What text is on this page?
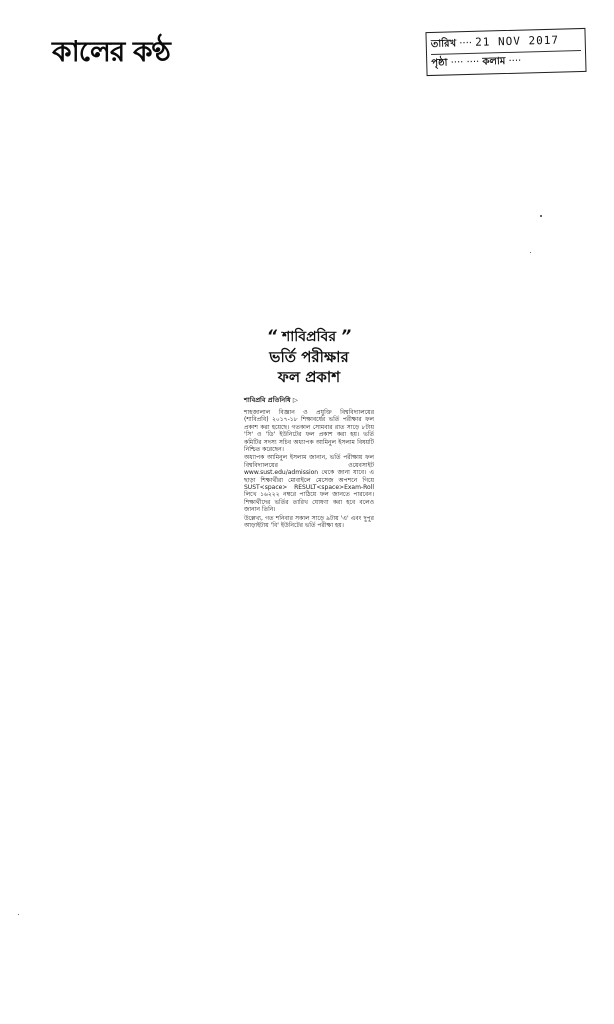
কালের কণ্ঠ	তারিখ ···· 21 NOV 2017
পৃষ্ঠা ···· ···· কলাম ····
“ শাবিপ্রবির ”
ভর্তি পরীক্ষার
ফল প্রকাশ
শাবিপ্রবি প্রতিনিধি ▷

শাহজালাল বিজ্ঞান ও প্রযুক্তি বিশ্ববিদ্যালয়ের (শাবিপ্রবি) ২০১৭-১৮ শিক্ষাবর্ষের ভর্তি পরীক্ষার ফল প্রকাশ করা হয়েছে। গতকাল সোমবার রাত সাড়ে ৮টায় 'সি' ও 'ডি' ইউনিটের ফল প্রকাশ করা হয়। ভর্তি কমিটির সদস্য সচিব অধ্যাপক আমিনুল ইসলাম বিষয়টি নিশ্চিত করেছেন।

অধ্যাপক আমিনুল ইসলাম জানান, ভর্তি পরীক্ষায় ফল বিশ্ববিদ্যালয়ের ওয়েবসাইট www.sust.edu/admission থেকে জানা যাবে। এ ছাড়া শিক্ষার্থীরা মোবাইলে মেসেজ অপশনে গিয়ে SUST<space> RESULT<space>Exam-Roll লিখে ১৬২২২ নম্বরে পাঠিয়ে ফল জানতে পারবেন। শিক্ষার্থীদের ভর্তির তারিখ ঘোষণা করা হবে বলেও জানান তিনি।

উল্লেখ্য, গত শনিবার সকাল সাড়ে ৯টায় 'এ' এবং দুপুর আড়াইটায় 'বি' ইউনিটের ভর্তি পরীক্ষা হয়।
